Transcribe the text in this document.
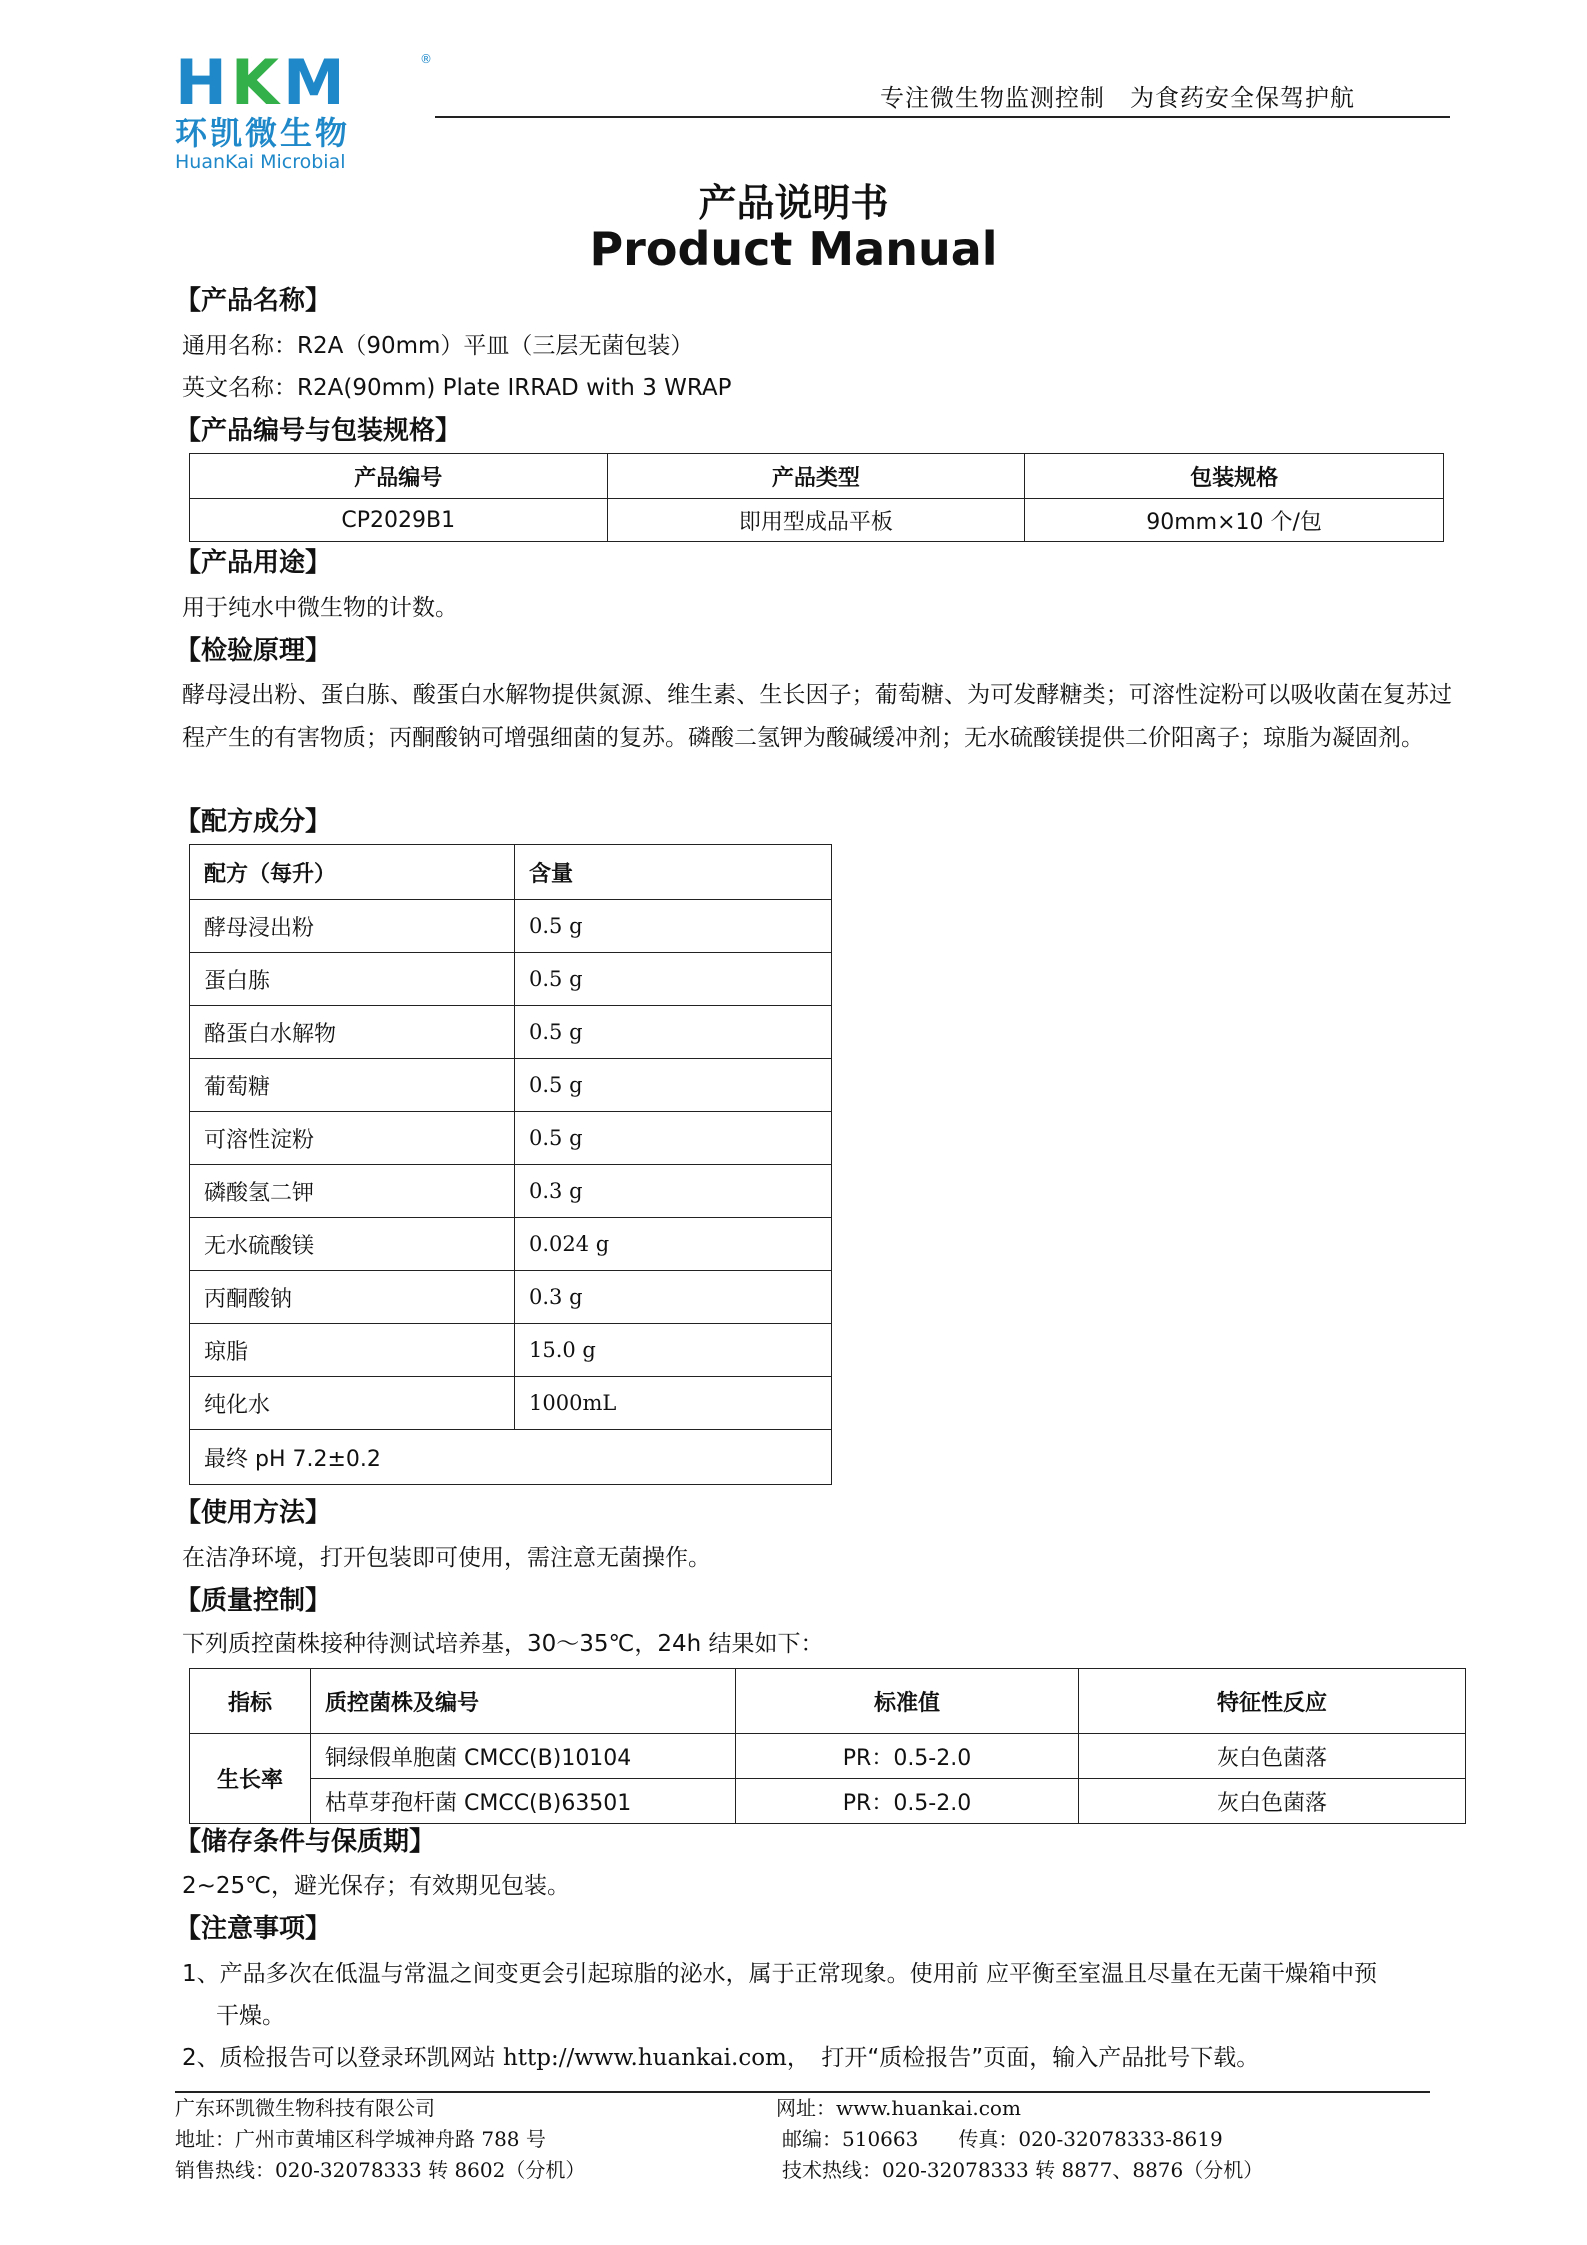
HKM	®
环凯微生物
HuanKai Microbial
专注微生物监测控制　为食药安全保驾护航
产品说明书
Product Manual
【产品名称】
通用名称：R2A（90mm）平皿（三层无菌包装）
英文名称：R2A(90mm) Plate IRRAD with 3 WRAP
【产品编号与包装规格】
产品编号	产品类型	包装规格
CP2029B1	即用型成品平板	90mm×10 个/包
【产品用途】
用于纯水中微生物的计数。
【检验原理】
酵母浸出粉、蛋白胨、酸蛋白水解物提供氮源、维生素、生长因子；葡萄糖、为可发酵糖类；可溶性淀粉可以吸收菌在复苏过程产生的有害物质；丙酮酸钠可增强细菌的复苏。磷酸二氢钾为酸碱缓冲剂；无水硫酸镁提供二价阳离子；琼脂为凝固剂。
【配方成分】
配方（每升）	含量
酵母浸出粉	0.5 g
蛋白胨	0.5 g
酪蛋白水解物	0.5 g
葡萄糖	0.5 g
可溶性淀粉	0.5 g
磷酸氢二钾	0.3 g
无水硫酸镁	0.024 g
丙酮酸钠	0.3 g
琼脂	15.0 g
纯化水	1000mL
最终 pH 7.2±0.2	
【使用方法】
在洁净环境，打开包装即可使用，需注意无菌操作。
【质量控制】
下列质控菌株接种待测试培养基，30～35℃，24h 结果如下：
指标	质控菌株及编号	标准值	特征性反应
生长率	铜绿假单胞菌 CMCC(B)10104	PR：0.5-2.0	灰白色菌落
	枯草芽孢杆菌 CMCC(B)63501	PR：0.5-2.0	灰白色菌落
【储存条件与保质期】
2~25℃，避光保存；有效期见包装。
【注意事项】
1、产品多次在低温与常温之间变更会引起琼脂的泌水，属于正常现象。使用前 应平衡至室温且尽量在无菌干燥箱中预
干燥。
2、质检报告可以登录环凯网站 http://www.huankai.com，　打开“质检报告”页面，输入产品批号下载。
广东环凯微生物科技有限公司
地址：广州市黄埔区科学城神舟路 788 号
销售热线：020-32078333 转 8602（分机）
网址：www.huankai.com
邮编：510663　　传真：020-32078333-8619
技术热线：020-32078333 转 8877、8876（分机）
